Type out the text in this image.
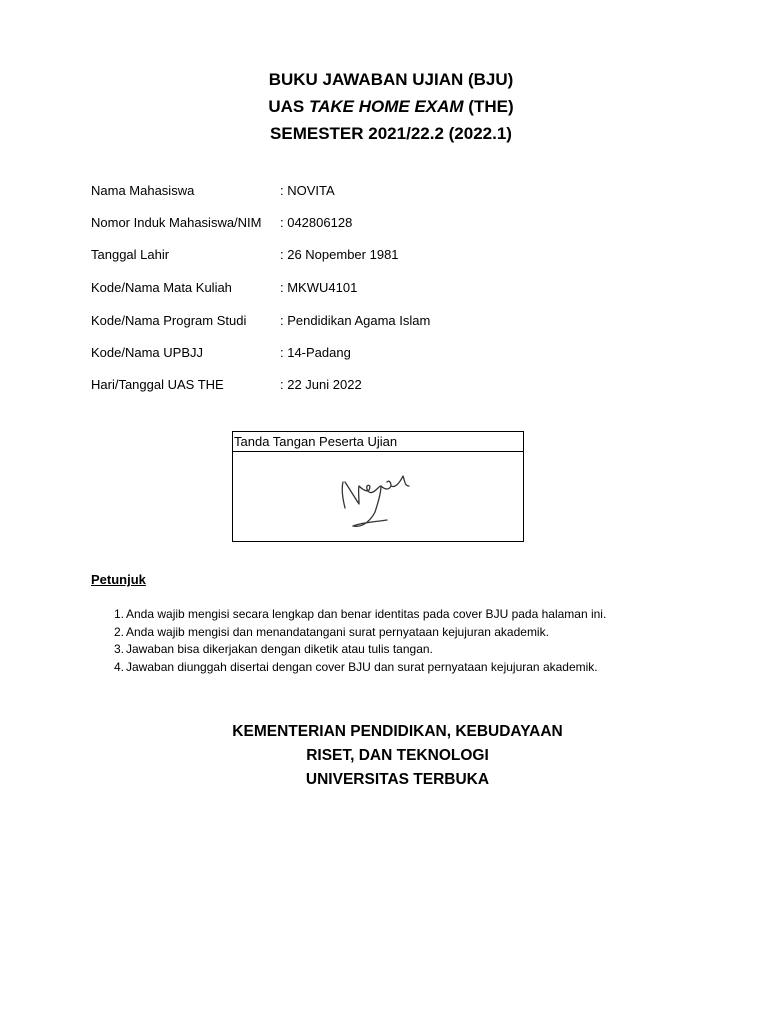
BUKU JAWABAN UJIAN (BJU)
UAS TAKE HOME EXAM (THE)
SEMESTER 2021/22.2 (2022.1)
Nama Mahasiswa	: NOVITA
Nomor Induk Mahasiswa/NIM : 042806128
Tanggal Lahir	: 26 Nopember 1981
Kode/Nama Mata Kuliah	: MKWU4101
Kode/Nama Program Studi	: Pendidikan Agama Islam
Kode/Nama UPBJJ	: 14-Padang
Hari/Tanggal UAS THE	: 22 Juni 2022
Tanda Tangan Peserta Ujian
Petunjuk
1. Anda wajib mengisi secara lengkap dan benar identitas pada cover BJU pada halaman ini.
2. Anda wajib mengisi dan menandatangani surat pernyataan kejujuran akademik.
3. Jawaban bisa dikerjakan dengan diketik atau tulis tangan.
4. Jawaban diunggah disertai dengan cover BJU dan surat pernyataan kejujuran akademik.
KEMENTERIAN PENDIDIKAN, KEBUDAYAAN
RISET, DAN TEKNOLOGI
UNIVERSITAS TERBUKA
